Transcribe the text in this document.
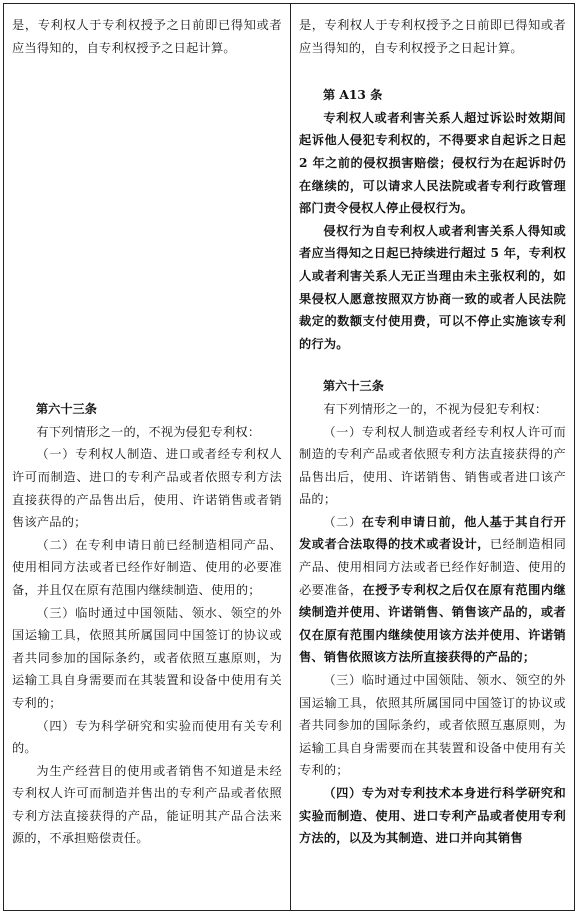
是，专利权人于专利权授予之日前即已得知或者应当得知的，自专利权授予之日起计算。

第六十三条

有下列情形之一的，不视为侵犯专利权：

（一）专利权人制造、进口或者经专利权人许可而制造、进口的专利产品或者依照专利方法直接获得的产品售出后，使用、许诺销售或者销售该产品的；

（二）在专利申请日前已经制造相同产品、使用相同方法或者已经作好制造、使用的必要准备，并且仅在原有范围内继续制造、使用的；

（三）临时通过中国领陆、领水、领空的外国运输工具，依照其所属国同中国签订的协议或者共同参加的国际条约，或者依照互惠原则，为运输工具自身需要而在其装置和设备中使用有关专利的；

（四）专为科学研究和实验而使用有关专利的。

为生产经营目的使用或者销售不知道是未经专利权人许可而制造并售出的专利产品或者依照专利方法直接获得的产品，能证明其产品合法来源的，不承担赔偿责任。

是，专利权人于专利权授予之日前即已得知或者应当得知的，自专利权授予之日起计算。

第 A13 条

专利权人或者利害关系人超过诉讼时效期间起诉他人侵犯专利权的，不得要求自起诉之日起 2 年之前的侵权损害赔偿；侵权行为在起诉时仍在继续的，可以请求人民法院或者专利行政管理部门责令侵权人停止侵权行为。

侵权行为自专利权人或者利害关系人得知或者应当得知之日起已持续进行超过 5 年，专利权人或者利害关系人无正当理由未主张权利的，如果侵权人愿意按照双方协商一致的或者人民法院裁定的数额支付使用费，可以不停止实施该专利的行为。

第六十三条

有下列情形之一的，不视为侵犯专利权：

（一）专利权人制造或者经专利权人许可而制造的专利产品或者依照专利方法直接获得的产品售出后，使用、许诺销售、销售或者进口该产品的；

（二）在专利申请日前，他人基于其自行开发或者合法取得的技术或者设计，已经制造相同产品、使用相同方法或者已经作好制造、使用的必要准备，在授予专利权之后仅在原有范围内继续制造并使用、许诺销售、销售该产品的，或者仅在原有范围内继续使用该方法并使用、许诺销售、销售依照该方法所直接获得的产品的；

（三）临时通过中国领陆、领水、领空的外国运输工具，依照其所属国同中国签订的协议或者共同参加的国际条约，或者依照互惠原则，为运输工具自身需要而在其装置和设备中使用有关专利的；

（四）专为对专利技术本身进行科学研究和实验而制造、使用、进口专利产品或者使用专利方法的，以及为其制造、进口并向其销售
